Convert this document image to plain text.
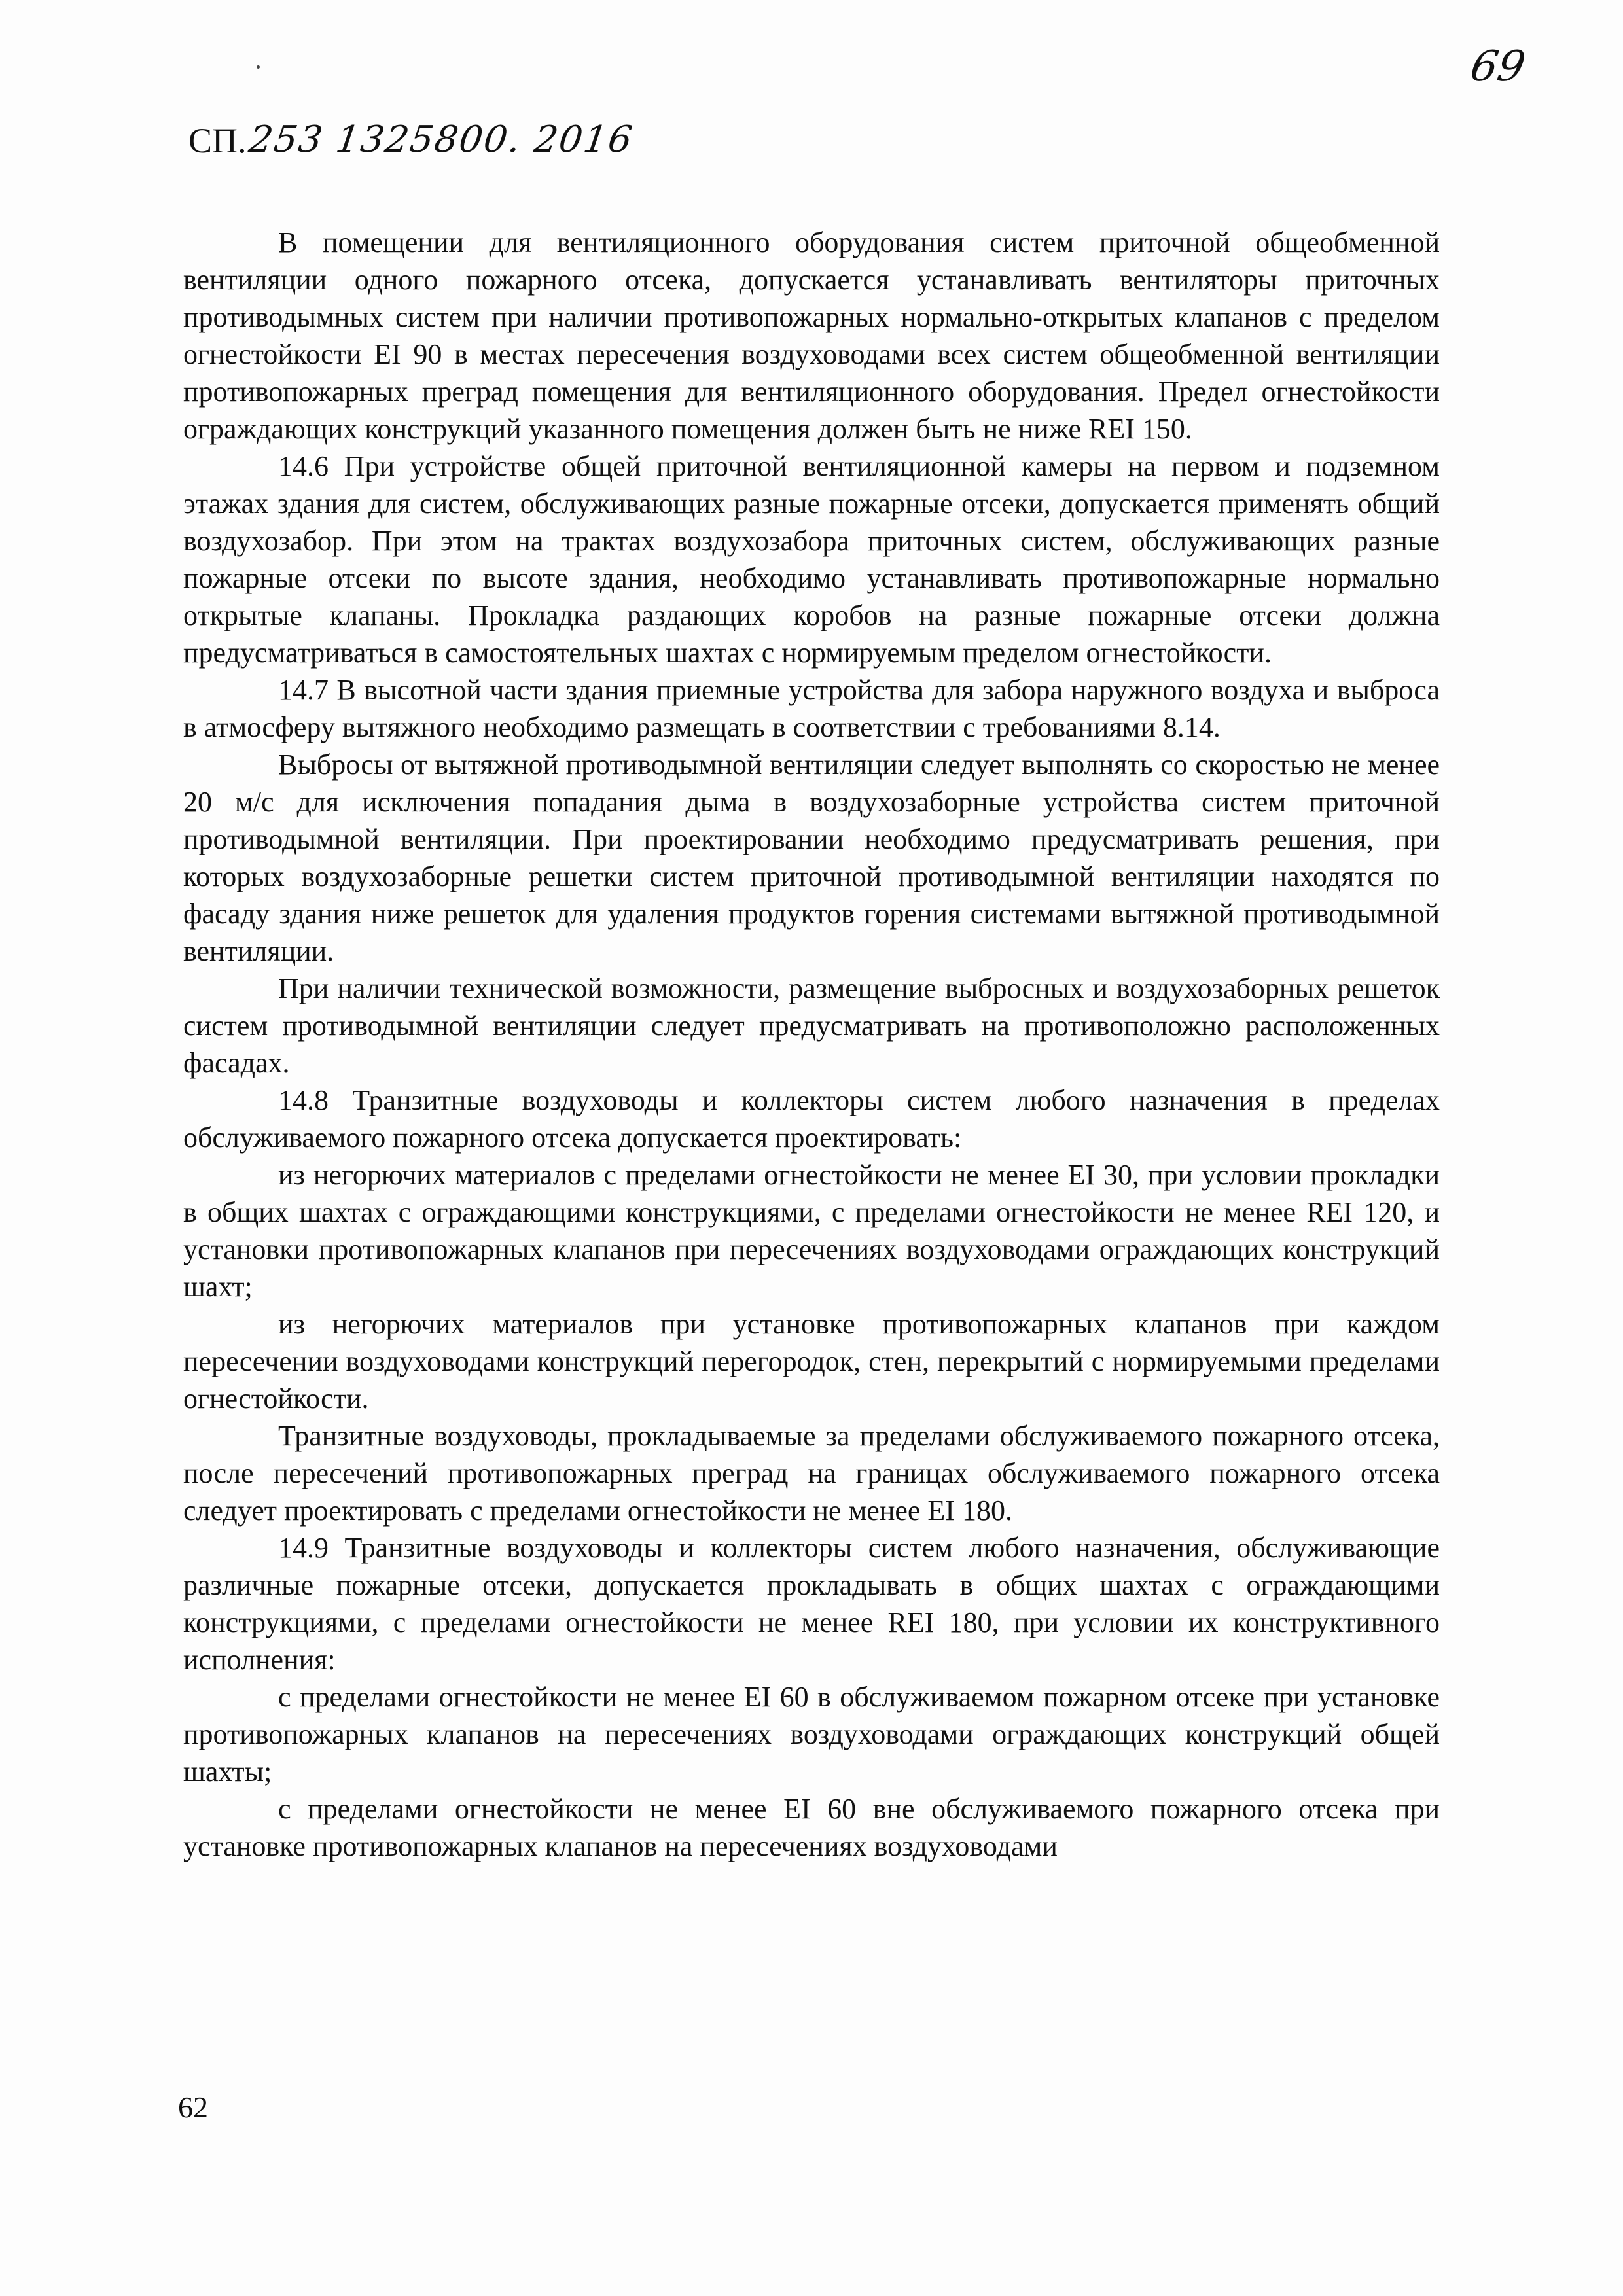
СП. 253 1325800. 2016
69

В помещении для вентиляционного оборудования систем приточной общеобменной вентиляции одного пожарного отсека, допускается устанавливать вентиляторы приточных противодымных систем при наличии противопожарных нормально-открытых клапанов с пределом огнестойкости EI 90 в местах пересечения воздуховодами всех систем общеобменной вентиляции противопожарных преград помещения для вентиляционного оборудования. Предел огнестойкости ограждающих конструкций указанного помещения должен быть не ниже REI 150.

14.6 При устройстве общей приточной вентиляционной камеры на первом и подземном этажах здания для систем, обслуживающих разные пожарные отсеки, допускается применять общий воздухозабор. При этом на трактах воздухозабора приточных систем, обслуживающих разные пожарные отсеки по высоте здания, необходимо устанавливать противопожарные нормально открытые клапаны. Прокладка раздающих коробов на разные пожарные отсеки должна предусматриваться в самостоятельных шахтах с нормируемым пределом огнестойкости.

14.7 В высотной части здания приемные устройства для забора наружного воздуха и выброса в атмосферу вытяжного необходимо размещать в соответствии с требованиями 8.14.

Выбросы от вытяжной противодымной вентиляции следует выполнять со скоростью не менее 20 м/с для исключения попадания дыма в воздухозаборные устройства систем приточной противодымной вентиляции. При проектировании необходимо предусматривать решения, при которых воздухозаборные решетки систем приточной противодымной вентиляции находятся по фасаду здания ниже решеток для удаления продуктов горения системами вытяжной противодымной вентиляции.

При наличии технической возможности, размещение выбросных и воздухозаборных решеток систем противодымной вентиляции следует предусматривать на противоположно расположенных фасадах.

14.8 Транзитные воздуховоды и коллекторы систем любого назначения в пределах обслуживаемого пожарного отсека допускается проектировать:

из негорючих материалов с пределами огнестойкости не менее EI 30, при условии прокладки в общих шахтах с ограждающими конструкциями, с пределами огнестойкости не менее REI 120, и установки противопожарных клапанов при пересечениях воздуховодами ограждающих конструкций шахт;

из негорючих материалов при установке противопожарных клапанов при каждом пересечении воздуховодами конструкций перегородок, стен, перекрытий с нормируемыми пределами огнестойкости.

Транзитные воздуховоды, прокладываемые за пределами обслуживаемого пожарного отсека, после пересечений противопожарных преград на границах обслуживаемого пожарного отсека следует проектировать с пределами огнестойкости не менее EI 180.

14.9 Транзитные воздуховоды и коллекторы систем любого назначения, обслуживающие различные пожарные отсеки, допускается прокладывать в общих шахтах с ограждающими конструкциями, с пределами огнестойкости не менее REI 180, при условии их конструктивного исполнения:

с пределами огнестойкости не менее EI 60 в обслуживаемом пожарном отсеке при установке противопожарных клапанов на пересечениях воздуховодами ограждающих конструкций общей шахты;

с пределами огнестойкости не менее EI 60 вне обслуживаемого пожарного отсека при установке противопожарных клапанов на пересечениях воздуховодами

62
